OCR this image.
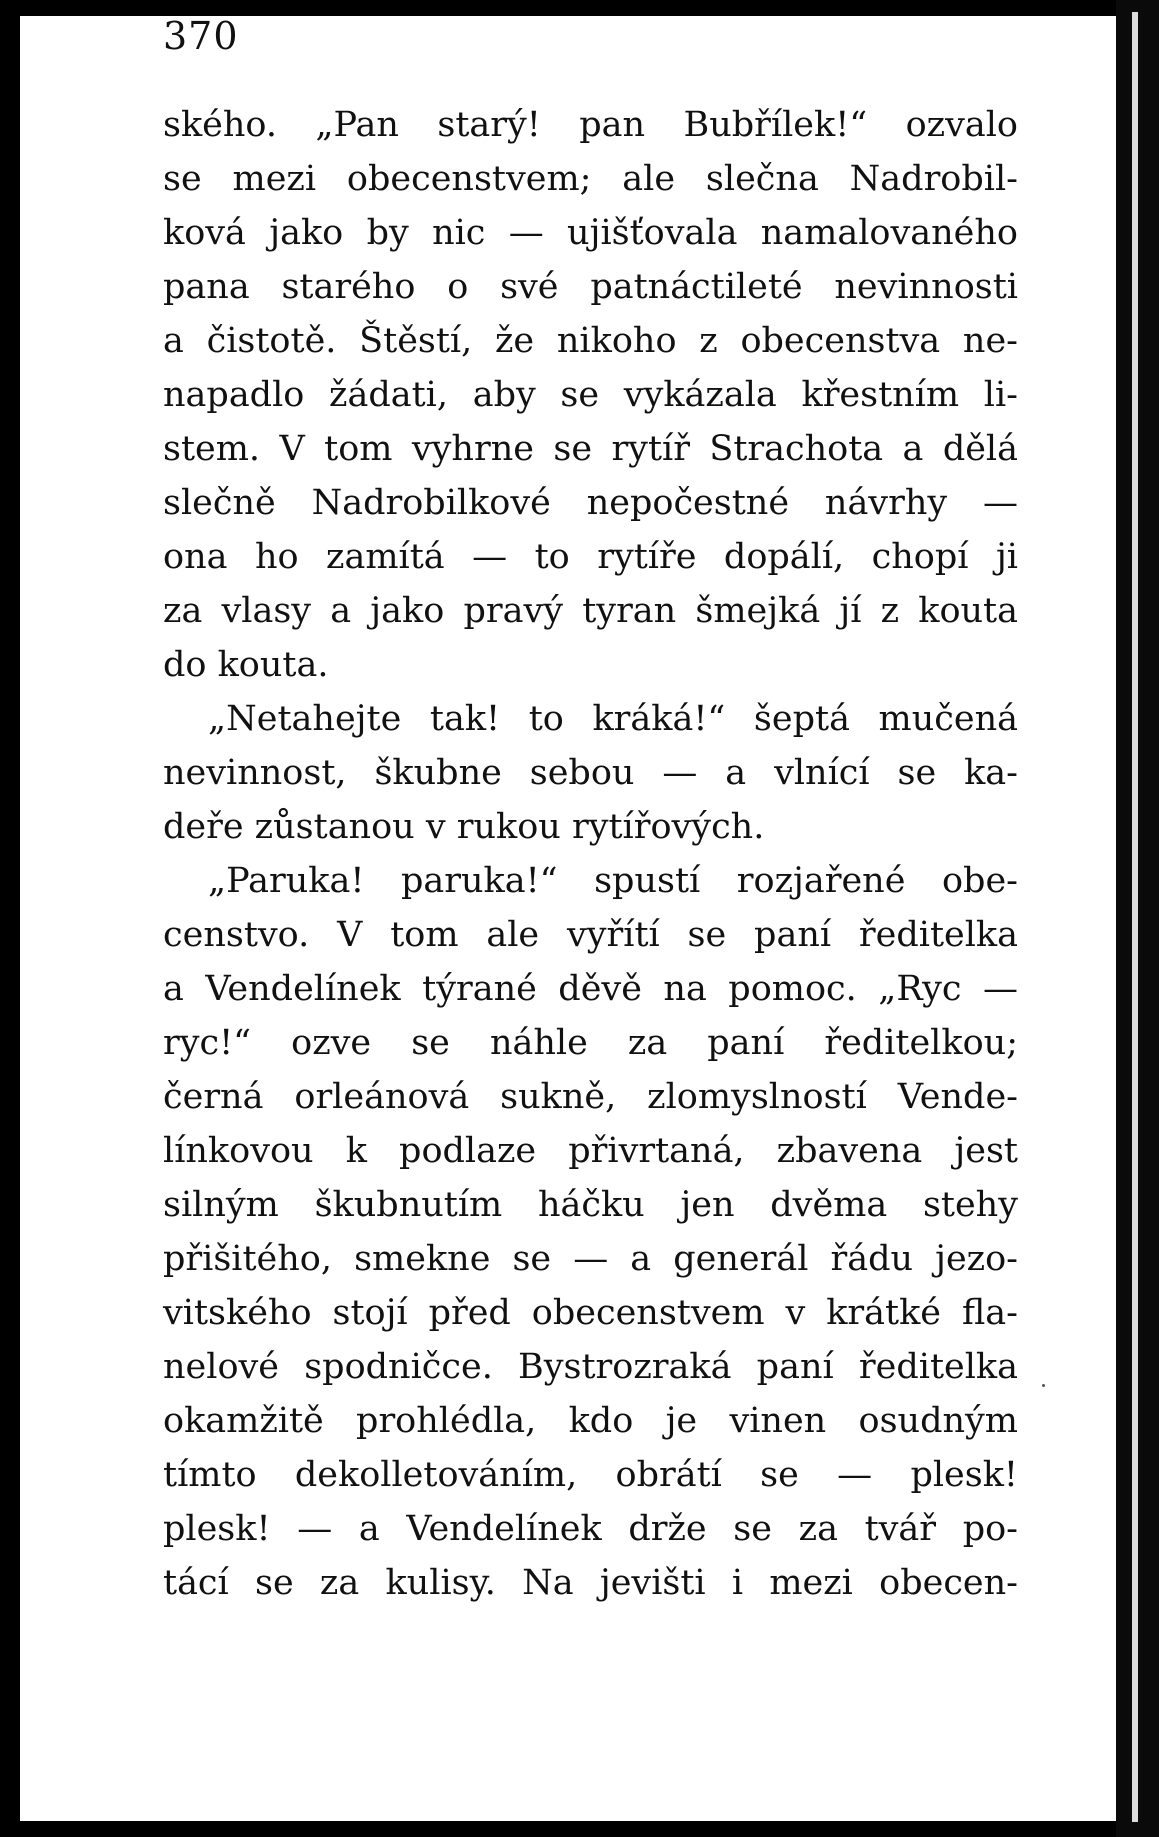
370
ského. „Pan starý! pan Bubřílek!“ ozvalo
se mezi obecenstvem; ale slečna Nadrobil-
ková jako by nic — ujišťovala namalovaného
pana starého o své patnáctileté nevinnosti
a čistotě. Štěstí, že nikoho z obecenstva ne-
napadlo žádati, aby se vykázala křestním li-
stem. V tom vyhrne se rytíř Strachota a dělá
slečně Nadrobilkové nepočestné návrhy —
ona ho zamítá — to rytíře dopálí, chopí ji
za vlasy a jako pravý tyran šmejká jí z kouta
do kouta.
„Netahejte tak! to kráká!“ šeptá mučená
nevinnost, škubne sebou — a vlnící se ka-
deře zůstanou v rukou rytířových.
„Paruka! paruka!“ spustí rozjařené obe-
censtvo. V tom ale vyřítí se paní ředitelka
a Vendelínek týrané děvě na pomoc. „Ryc —
ryc!“ ozve se náhle za paní ředitelkou;
černá orleánová sukně, zlomyslností Vende-
línkovou k podlaze přivrtaná, zbavena jest
silným škubnutím háčku jen dvěma stehy
přišitého, smekne se — a generál řádu jezo-
vitského stojí před obecenstvem v krátké fla-
nelové spodničce. Bystrozraká paní ředitelka
okamžitě prohlédla, kdo je vinen osudným
tímto dekolletováním, obrátí se — plesk!
plesk! — a Vendelínek drže se za tvář po-
tácí se za kulisy. Na jevišti i mezi obecen-
